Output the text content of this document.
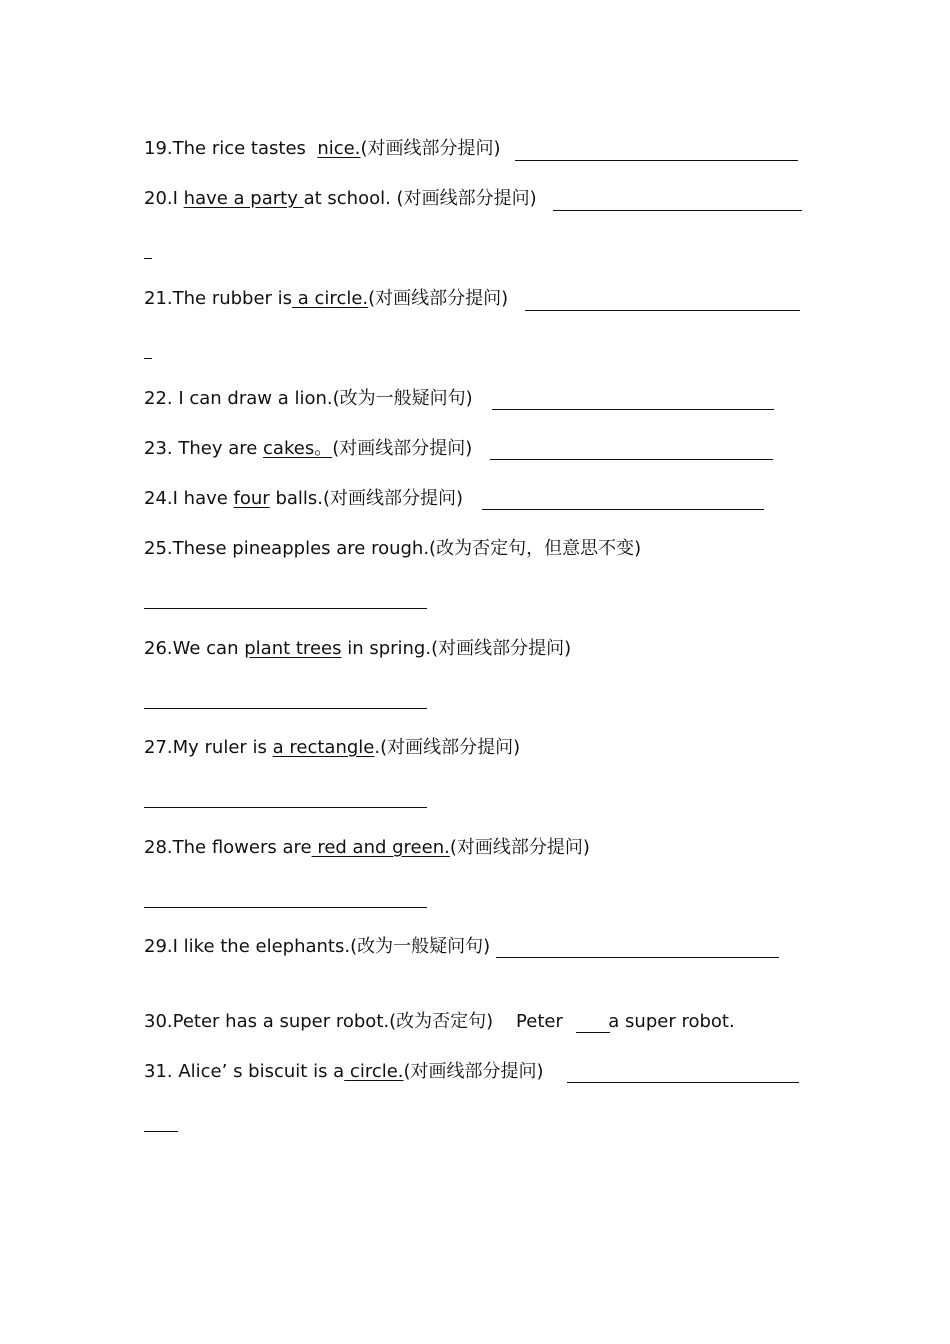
19.The rice tastes  nice.(对画线部分提问)

20.I have a party at school. (对画线部分提问)

21.The rubber is a circle.(对画线部分提问)

22. I can draw a lion.(改为一般疑问句)

23. They are cakes。(对画线部分提问)

24.I have four balls.(对画线部分提问)

25.These pineapples are rough.(改为否定句，但意思不变)

26.We can plant trees in spring.(对画线部分提问)

27.My ruler is a rectangle.(对画线部分提问)

28.The flowers are red and green.(对画线部分提问)

29.I like the elephants.(改为一般疑问句)

30.Peter has a super robot.(改为否定句)    Peter  a super robot.

31. Alice’ s biscuit is a circle.(对画线部分提问)
